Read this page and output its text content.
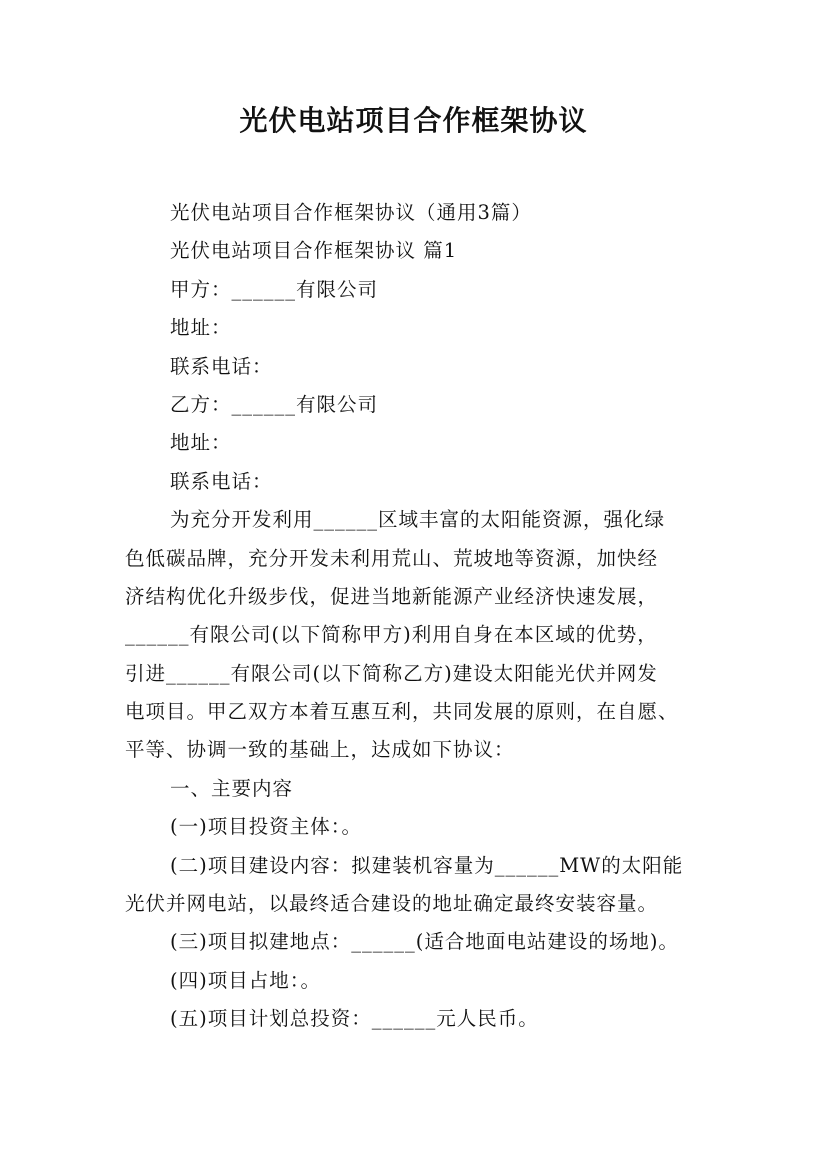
光伏电站项目合作框架协议

光伏电站项目合作框架协议（通用3篇）

光伏电站项目合作框架协议 篇1

甲方：______有限公司

地址：

联系电话：

乙方：______有限公司

地址：

联系电话：

为充分开发利用______区域丰富的太阳能资源，强化绿

色低碳品牌，充分开发未利用荒山、荒坡地等资源，加快经

济结构优化升级步伐，促进当地新能源产业经济快速发展，

______有限公司(以下简称甲方)利用自身在本区域的优势，

引进______有限公司(以下简称乙方)建设太阳能光伏并网发

电项目。甲乙双方本着互惠互利，共同发展的原则，在自愿、

平等、协调一致的基础上，达成如下协议：

一、主要内容

(一)项目投资主体：。

(二)项目建设内容：拟建装机容量为______MW的太阳能

光伏并网电站，以最终适合建设的地址确定最终安装容量。

(三)项目拟建地点：______(适合地面电站建设的场地)。

(四)项目占地：。

(五)项目计划总投资：______元人民币。
